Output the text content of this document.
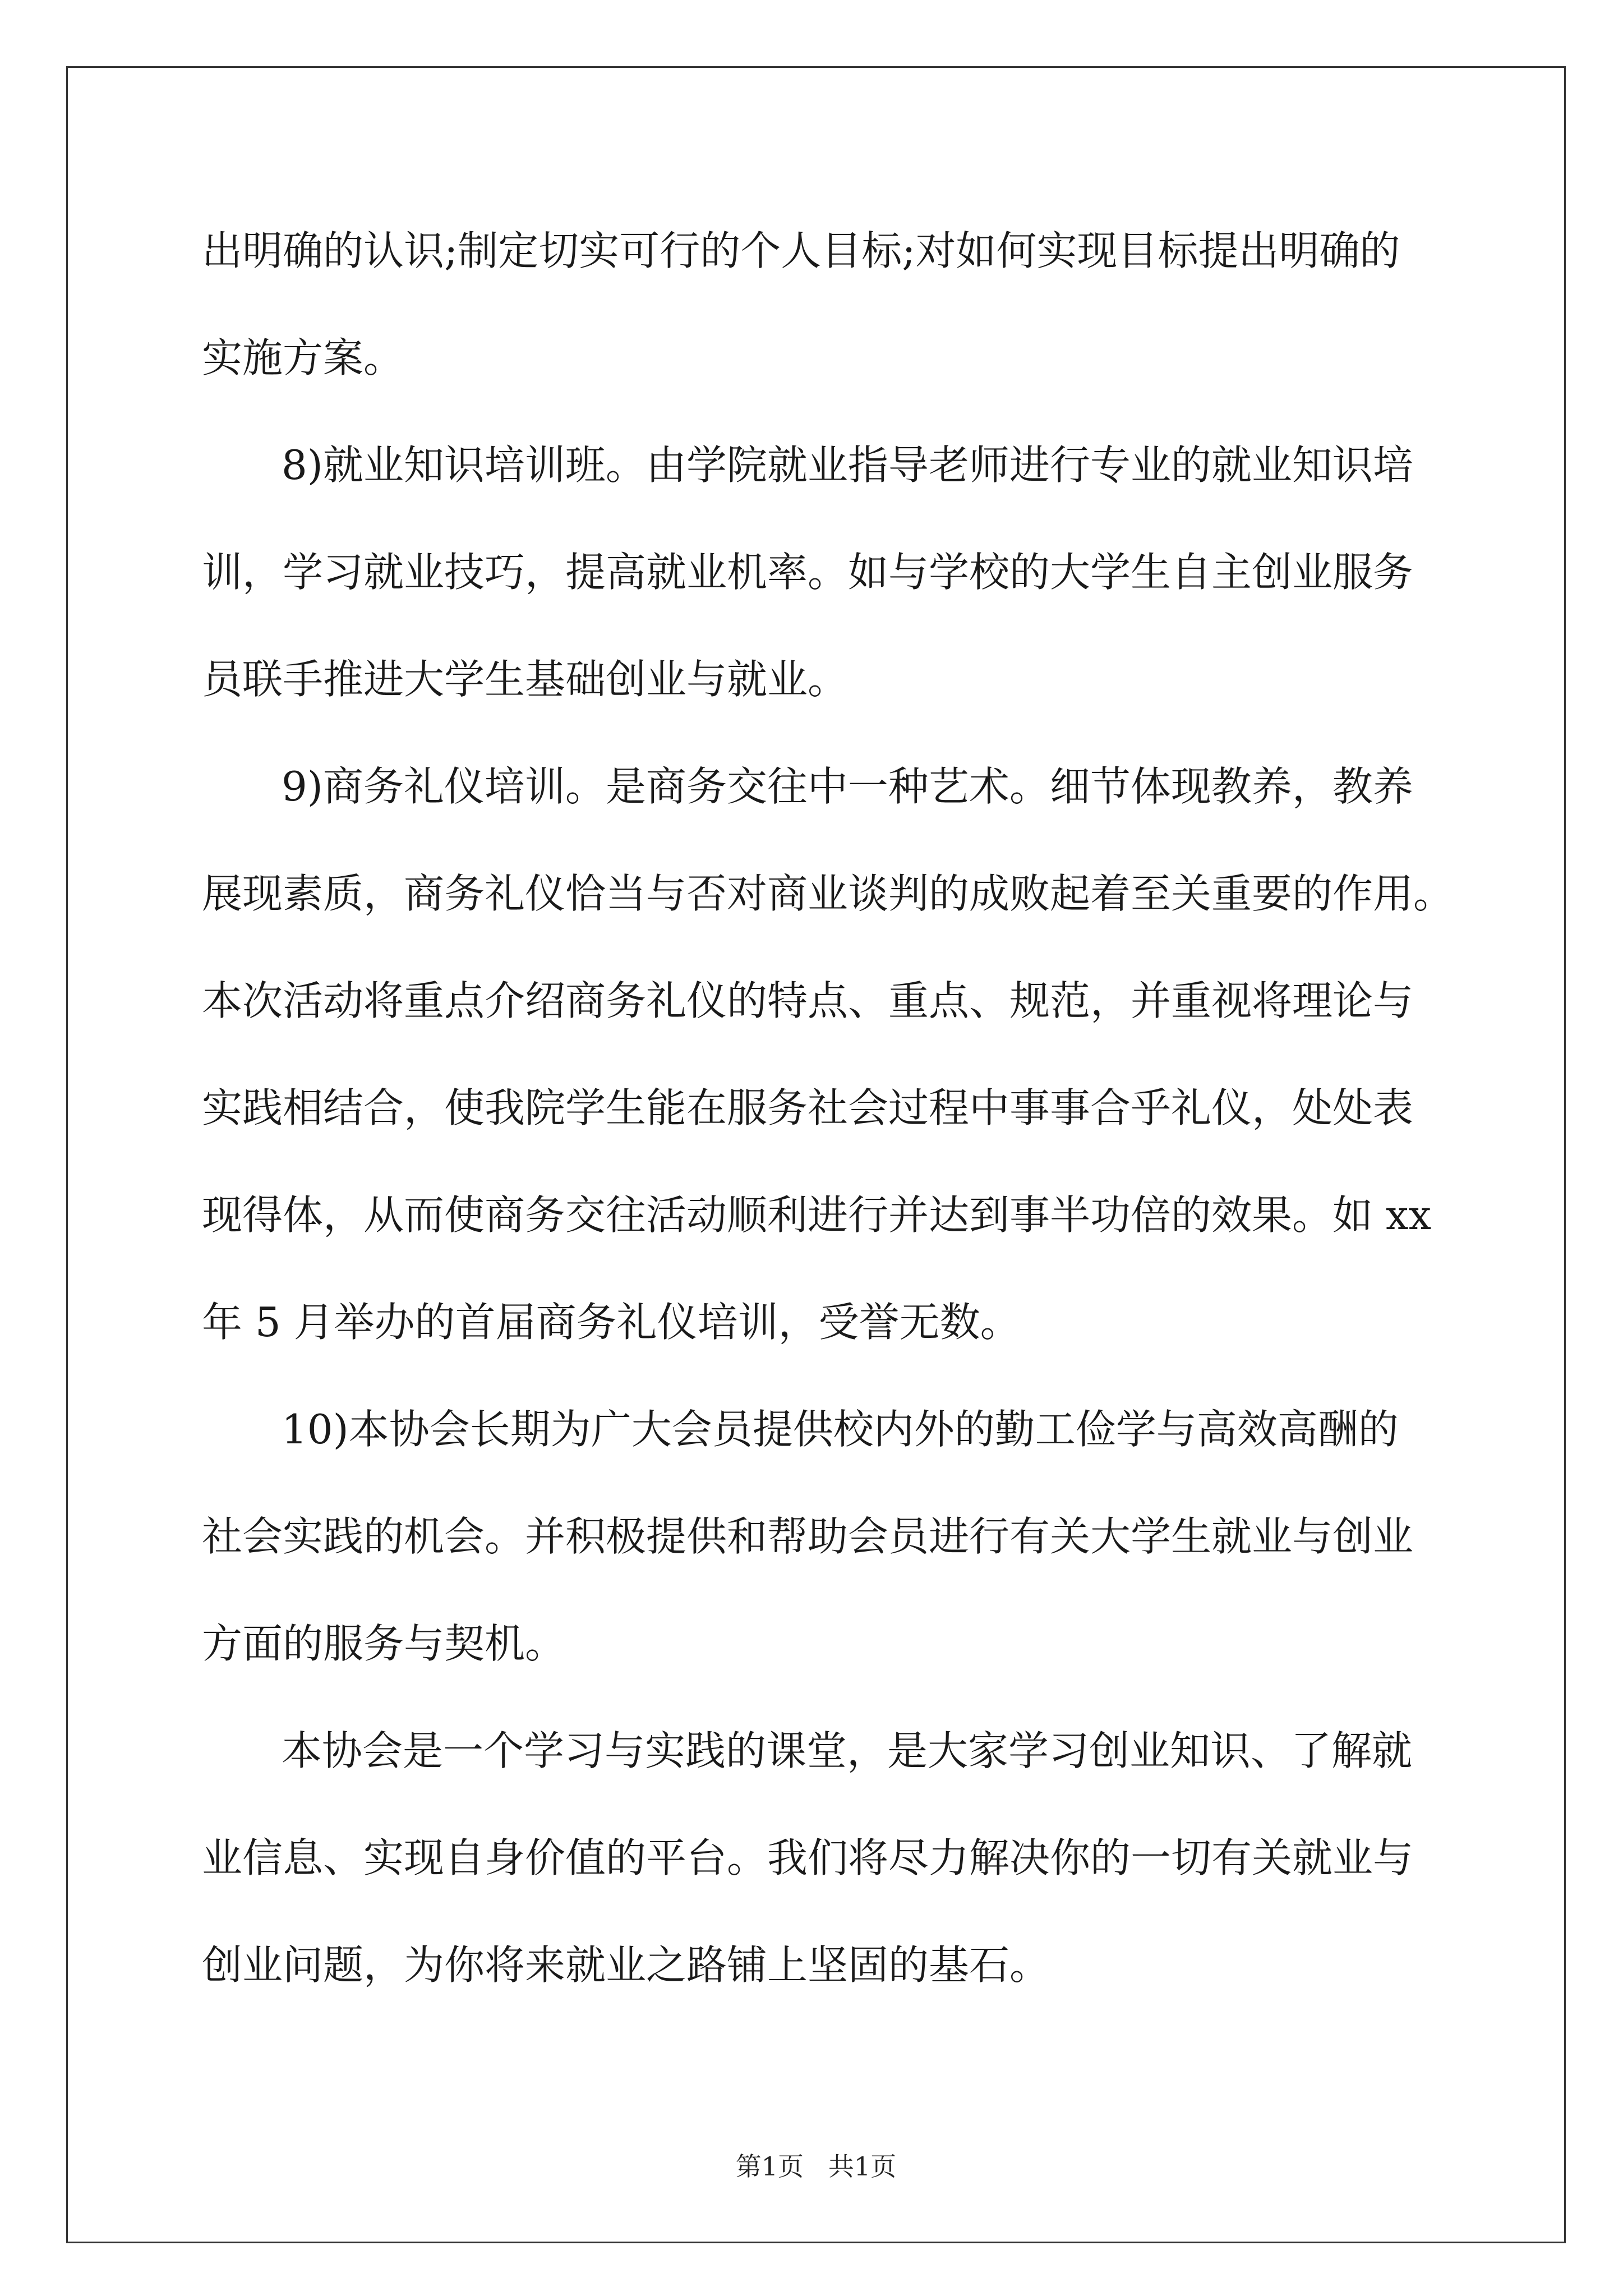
出明确的认识;制定切实可行的个人目标;对如何实现目标提出明确的
实施方案。
8)就业知识培训班。由学院就业指导老师进行专业的就业知识培
训，学习就业技巧，提高就业机率。如与学校的大学生自主创业服务
员联手推进大学生基础创业与就业。
9)商务礼仪培训。是商务交往中一种艺术。细节体现教养，教养
展现素质，商务礼仪恰当与否对商业谈判的成败起着至关重要的作用。
本次活动将重点介绍商务礼仪的特点、重点、规范，并重视将理论与
实践相结合，使我院学生能在服务社会过程中事事合乎礼仪，处处表
现得体，从而使商务交往活动顺利进行并达到事半功倍的效果。如 xx
年 5 月举办的首届商务礼仪培训，受誉无数。
10)本协会长期为广大会员提供校内外的勤工俭学与高效高酬的
社会实践的机会。并积极提供和帮助会员进行有关大学生就业与创业
方面的服务与契机。
本协会是一个学习与实践的课堂，是大家学习创业知识、了解就
业信息、实现自身价值的平台。我们将尽力解决你的一切有关就业与
创业问题，为你将来就业之路铺上坚固的基石。
第1页   共1页
